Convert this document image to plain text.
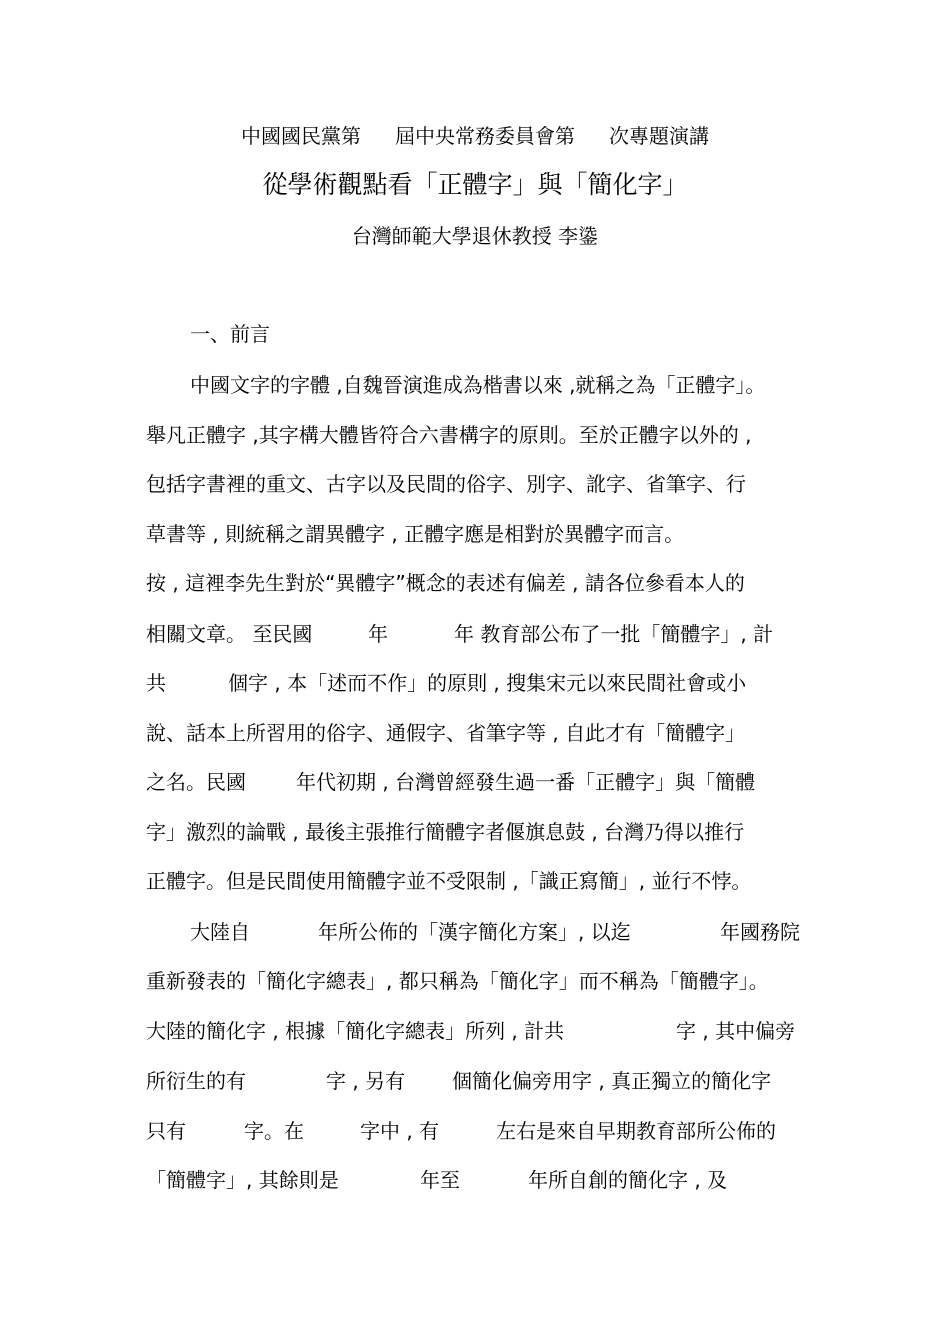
中國國民黨第 屆中央常務委員會第 次專題演講
從學術觀點看「正體字」與「簡化字」
台灣師範大學退休教授 李鍌
一、前言
中國文字的字體 ,自魏晉演進成為楷書以來 ,就稱之為「正體字」。
舉凡正體字 ,其字構大體皆符合六書構字的原則。至於正體字以外的 ,
包括字書裡的重文、古字以及民間的俗字、別字、訛字、省筆字、行
草書等 , 則統稱之謂異體字 , 正體字應是相對於異體字而言。
按 , 這裡李先生對於“異體字”概念的表述有偏差 , 請各位參看本人的
相關文章。 至民國	年	年 教育部公布了一批「簡體字」, 計
共	個字 , 本「述而不作」的原則 , 搜集宋元以來民間社會或小
說、話本上所習用的俗字、通假字、省筆字等 , 自此才有「簡體字」
之名。民國	年代初期 , 台灣曾經發生過一番「正體字」與「簡體
字」激烈的論戰 , 最後主張推行簡體字者偃旗息鼓 , 台灣乃得以推行
正體字。但是民間使用簡體字並不受限制 ,「識正寫簡」, 並行不悖。
大陸自	年所公佈的「漢字簡化方案」, 以迄	年國務院
重新發表的「簡化字總表」, 都只稱為「簡化字」而不稱為「簡體字」。
大陸的簡化字 , 根據「簡化字總表」所列 , 計共	字 , 其中偏旁
所衍生的有	字 , 另有 個簡化偏旁用字 , 真正獨立的簡化字
只有	字。在	字中 , 有	左右是來自早期教育部所公佈的
「簡體字」, 其餘則是	年至	年所自創的簡化字 , 及
